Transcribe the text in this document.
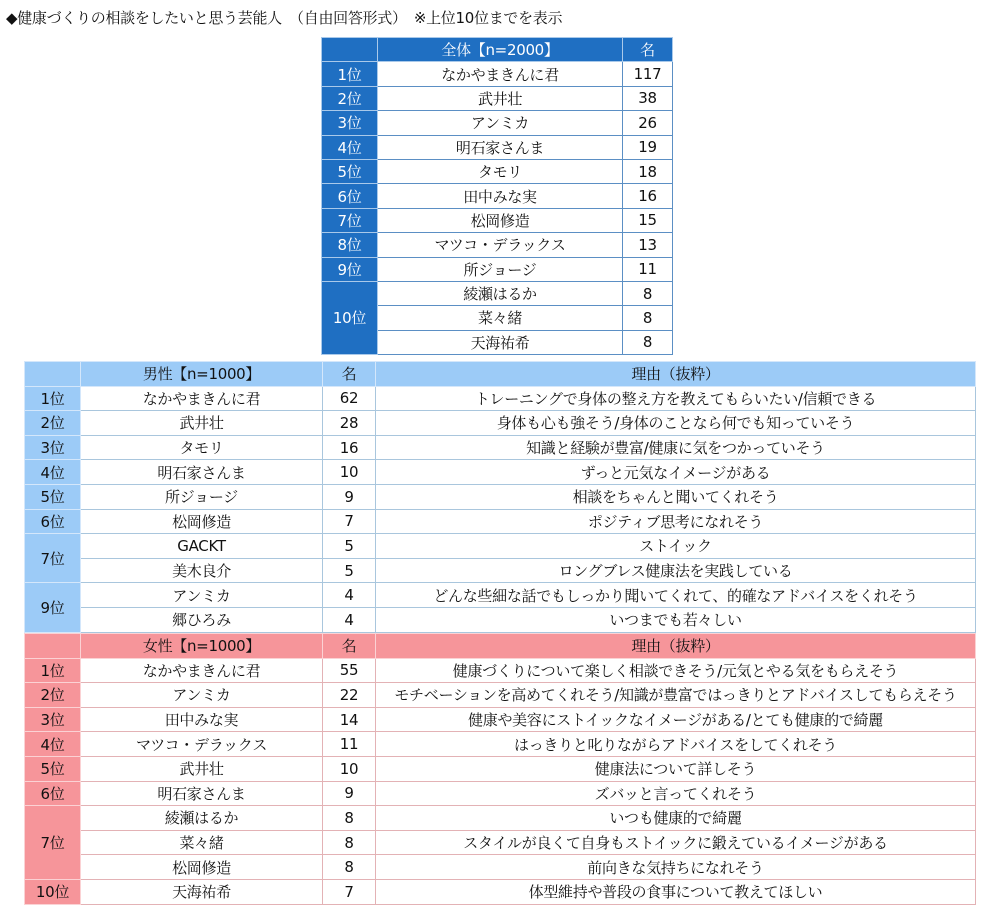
◆健康づくりの相談をしたいと思う芸能人　（自由回答形式）　※上位10位までを表示
	全体【n=2000】	名
1位	なかやまきんに君	117
2位	武井壮	38
3位	アンミカ	26
4位	明石家さんま	19
5位	タモリ	18
6位	田中みな実	16
7位	松岡修造	15
8位	マツコ・デラックス	13
9位	所ジョージ	11
10位	綾瀬はるか	8
	菜々緒	8
	天海祐希	8
	男性【n=1000】	名	理由（抜粋）
1位	なかやまきんに君	62	トレーニングで身体の整え方を教えてもらいたい/信頼できる
2位	武井壮	28	身体も心も強そう/身体のことなら何でも知っていそう
3位	タモリ	16	知識と経験が豊富/健康に気をつかっていそう
4位	明石家さんま	10	ずっと元気なイメージがある
5位	所ジョージ	9	相談をちゃんと聞いてくれそう
6位	松岡修造	7	ポジティブ思考になれそう
7位	GACKT	5	ストイック
	美木良介	5	ロングブレス健康法を実践している
9位	アンミカ	4	どんな些細な話でもしっかり聞いてくれて、的確なアドバイスをくれそう
	郷ひろみ	4	いつまでも若々しい
	女性【n=1000】	名	理由（抜粋）
1位	なかやまきんに君	55	健康づくりについて楽しく相談できそう/元気とやる気をもらえそう
2位	アンミカ	22	モチベーションを高めてくれそう/知識が豊富ではっきりとアドバイスしてもらえそう
3位	田中みな実	14	健康や美容にストイックなイメージがある/とても健康的で綺麗
4位	マツコ・デラックス	11	はっきりと叱りながらアドバイスをしてくれそう
5位	武井壮	10	健康法について詳しそう
6位	明石家さんま	9	ズバッと言ってくれそう
7位	綾瀬はるか	8	いつも健康的で綺麗
	菜々緒	8	スタイルが良くて自身もストイックに鍛えているイメージがある
	松岡修造	8	前向きな気持ちになれそう
10位	天海祐希	7	体型維持や普段の食事について教えてほしい
